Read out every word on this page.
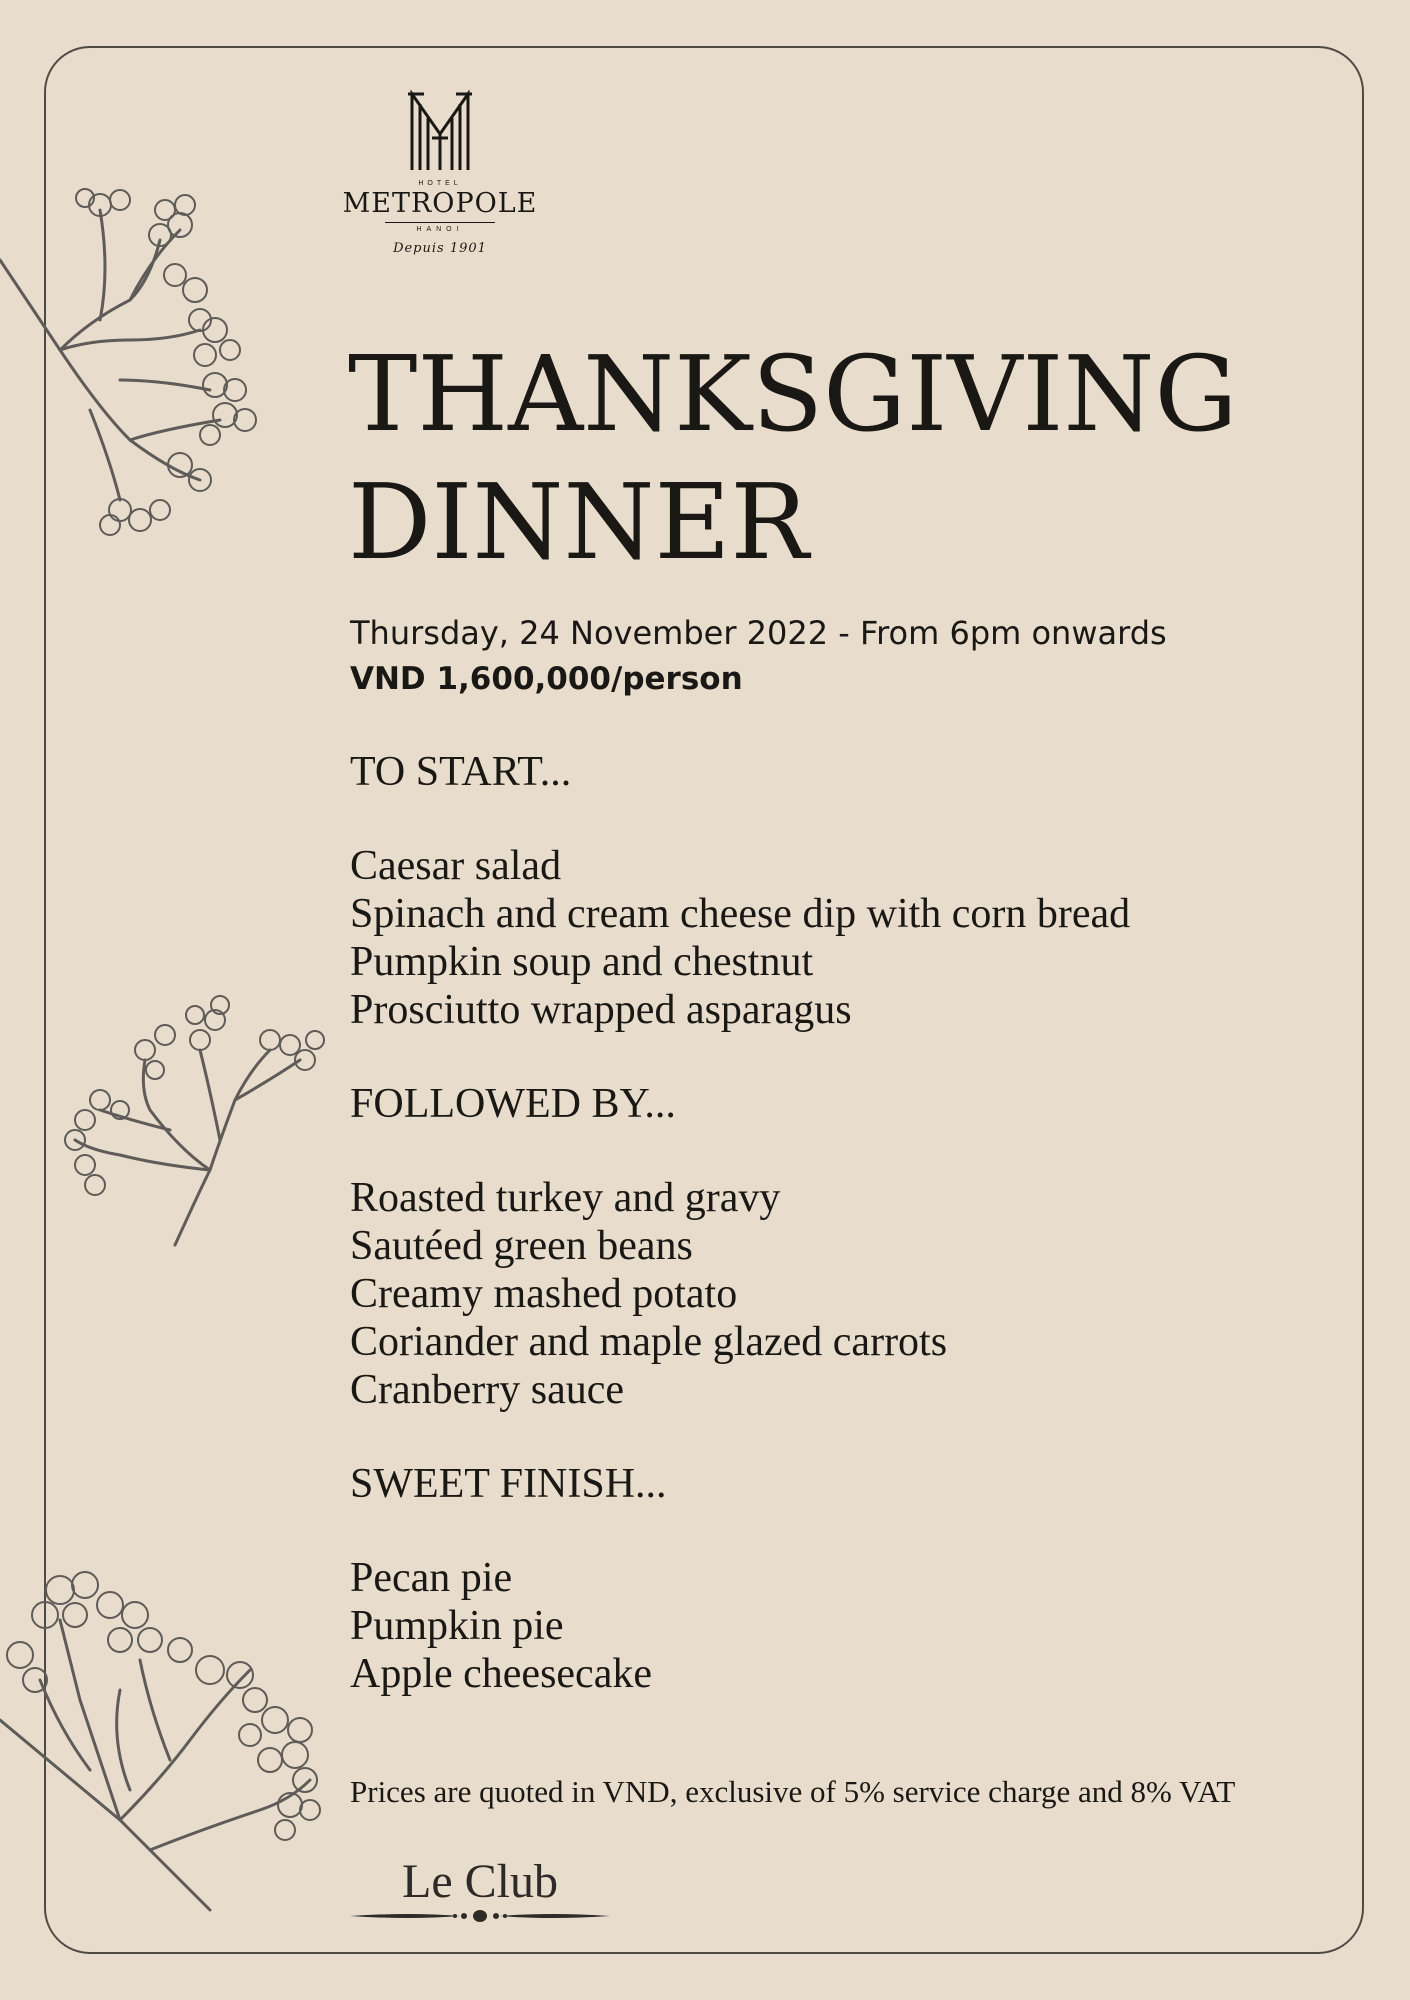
HOTEL
METROPOLE
HANOI
Depuis 1901
THANKSGIVING
DINNER
Thursday, 24 November 2022 - From 6pm onwards
VND 1,600,000/person
TO START...
Caesar salad
Spinach and cream cheese dip with corn bread
Pumpkin soup and chestnut
Prosciutto wrapped asparagus
FOLLOWED BY...
Roasted turkey and gravy
Sautéed green beans
Creamy mashed potato
Coriander and maple glazed carrots
Cranberry sauce
SWEET FINISH...
Pecan pie
Pumpkin pie
Apple cheesecake
Prices are quoted in VND, exclusive of 5% service charge and 8% VAT
Le Club
